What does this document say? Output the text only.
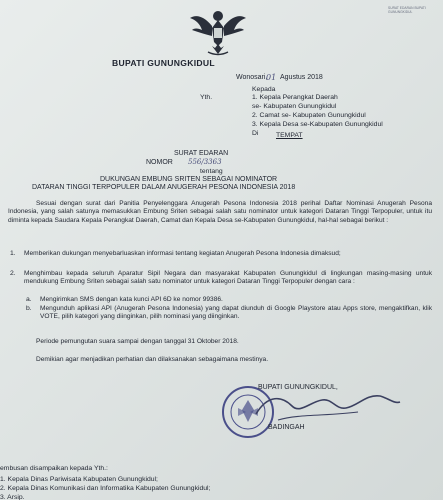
SURAT EDARAN BUPATI GUNUNGKIDUL
BUPATI GUNUNGKIDUL
Wonosari,
01 Agustus 2018
Kepada
Yth.	1. Kepala Perangkat Daerah
se- Kabupaten Gunungkidul
2. Camat se- Kabupaten Gunungkidul
3. Kepala Desa se-Kabupaten Gunungkidul
Di	TEMPAT
SURAT EDARAN
NOMOR 556/3363
tentang
DUKUNGAN EMBUNG SRITEN SEBAGAI NOMINATOR
DATARAN TINGGI TERPOPULER DALAM ANUGERAH PESONA INDONESIA 2018
Sesuai dengan surat dari Panitia Penyelenggara Anugerah Pesona Indonesia 2018 perihal Daftar Nominasi Anugerah Pesona Indonesia, yang salah satunya memasukkan Embung Sriten sebagai salah satu nominator untuk kategori Dataran Tinggi Terpopuler, untuk itu diminta kepada Saudara Kepala Perangkat Daerah, Camat dan Kepala Desa se-Kabupaten Gunungkidul, hal-hal sebagai berikut :
1. Memberikan dukungan menyebarluaskan informasi tentang kegiatan Anugerah Pesona Indonesia dimaksud;
2. Menghimbau kepada seluruh Aparatur Sipil Negara dan masyarakat Kabupaten Gunungkidul di lingkungan masing-masing untuk mendukung Embung Sriten sebagai salah satu nominator untuk kategori Dataran Tinggi Terpopuler dengan cara :
a. Mengirimkan SMS dengan kata kunci API 6D ke nomor 99386.
b. Mengunduh aplikasi API (Anugerah Pesona Indonesia) yang dapat diunduh di Google Playstore atau Apps store, mengaktifkan, klik VOTE, pilih kategori yang diinginkan, pilih nominasi yang diinginkan.
Periode pemungutan suara sampai dengan tanggal 31 Oktober 2018.
Demikian agar menjadikan perhatian dan dilaksanakan sebagaimana mestinya.
BUPATI GUNUNGKIDUL,
BADINGAH
embusan disampaikan kepada Yth.:
1. Kepala Dinas Pariwisata Kabupaten Gunungkidul;
2. Kepala Dinas Komunikasi dan Informatika Kabupaten Gunungkidul;
3. Arsip.
